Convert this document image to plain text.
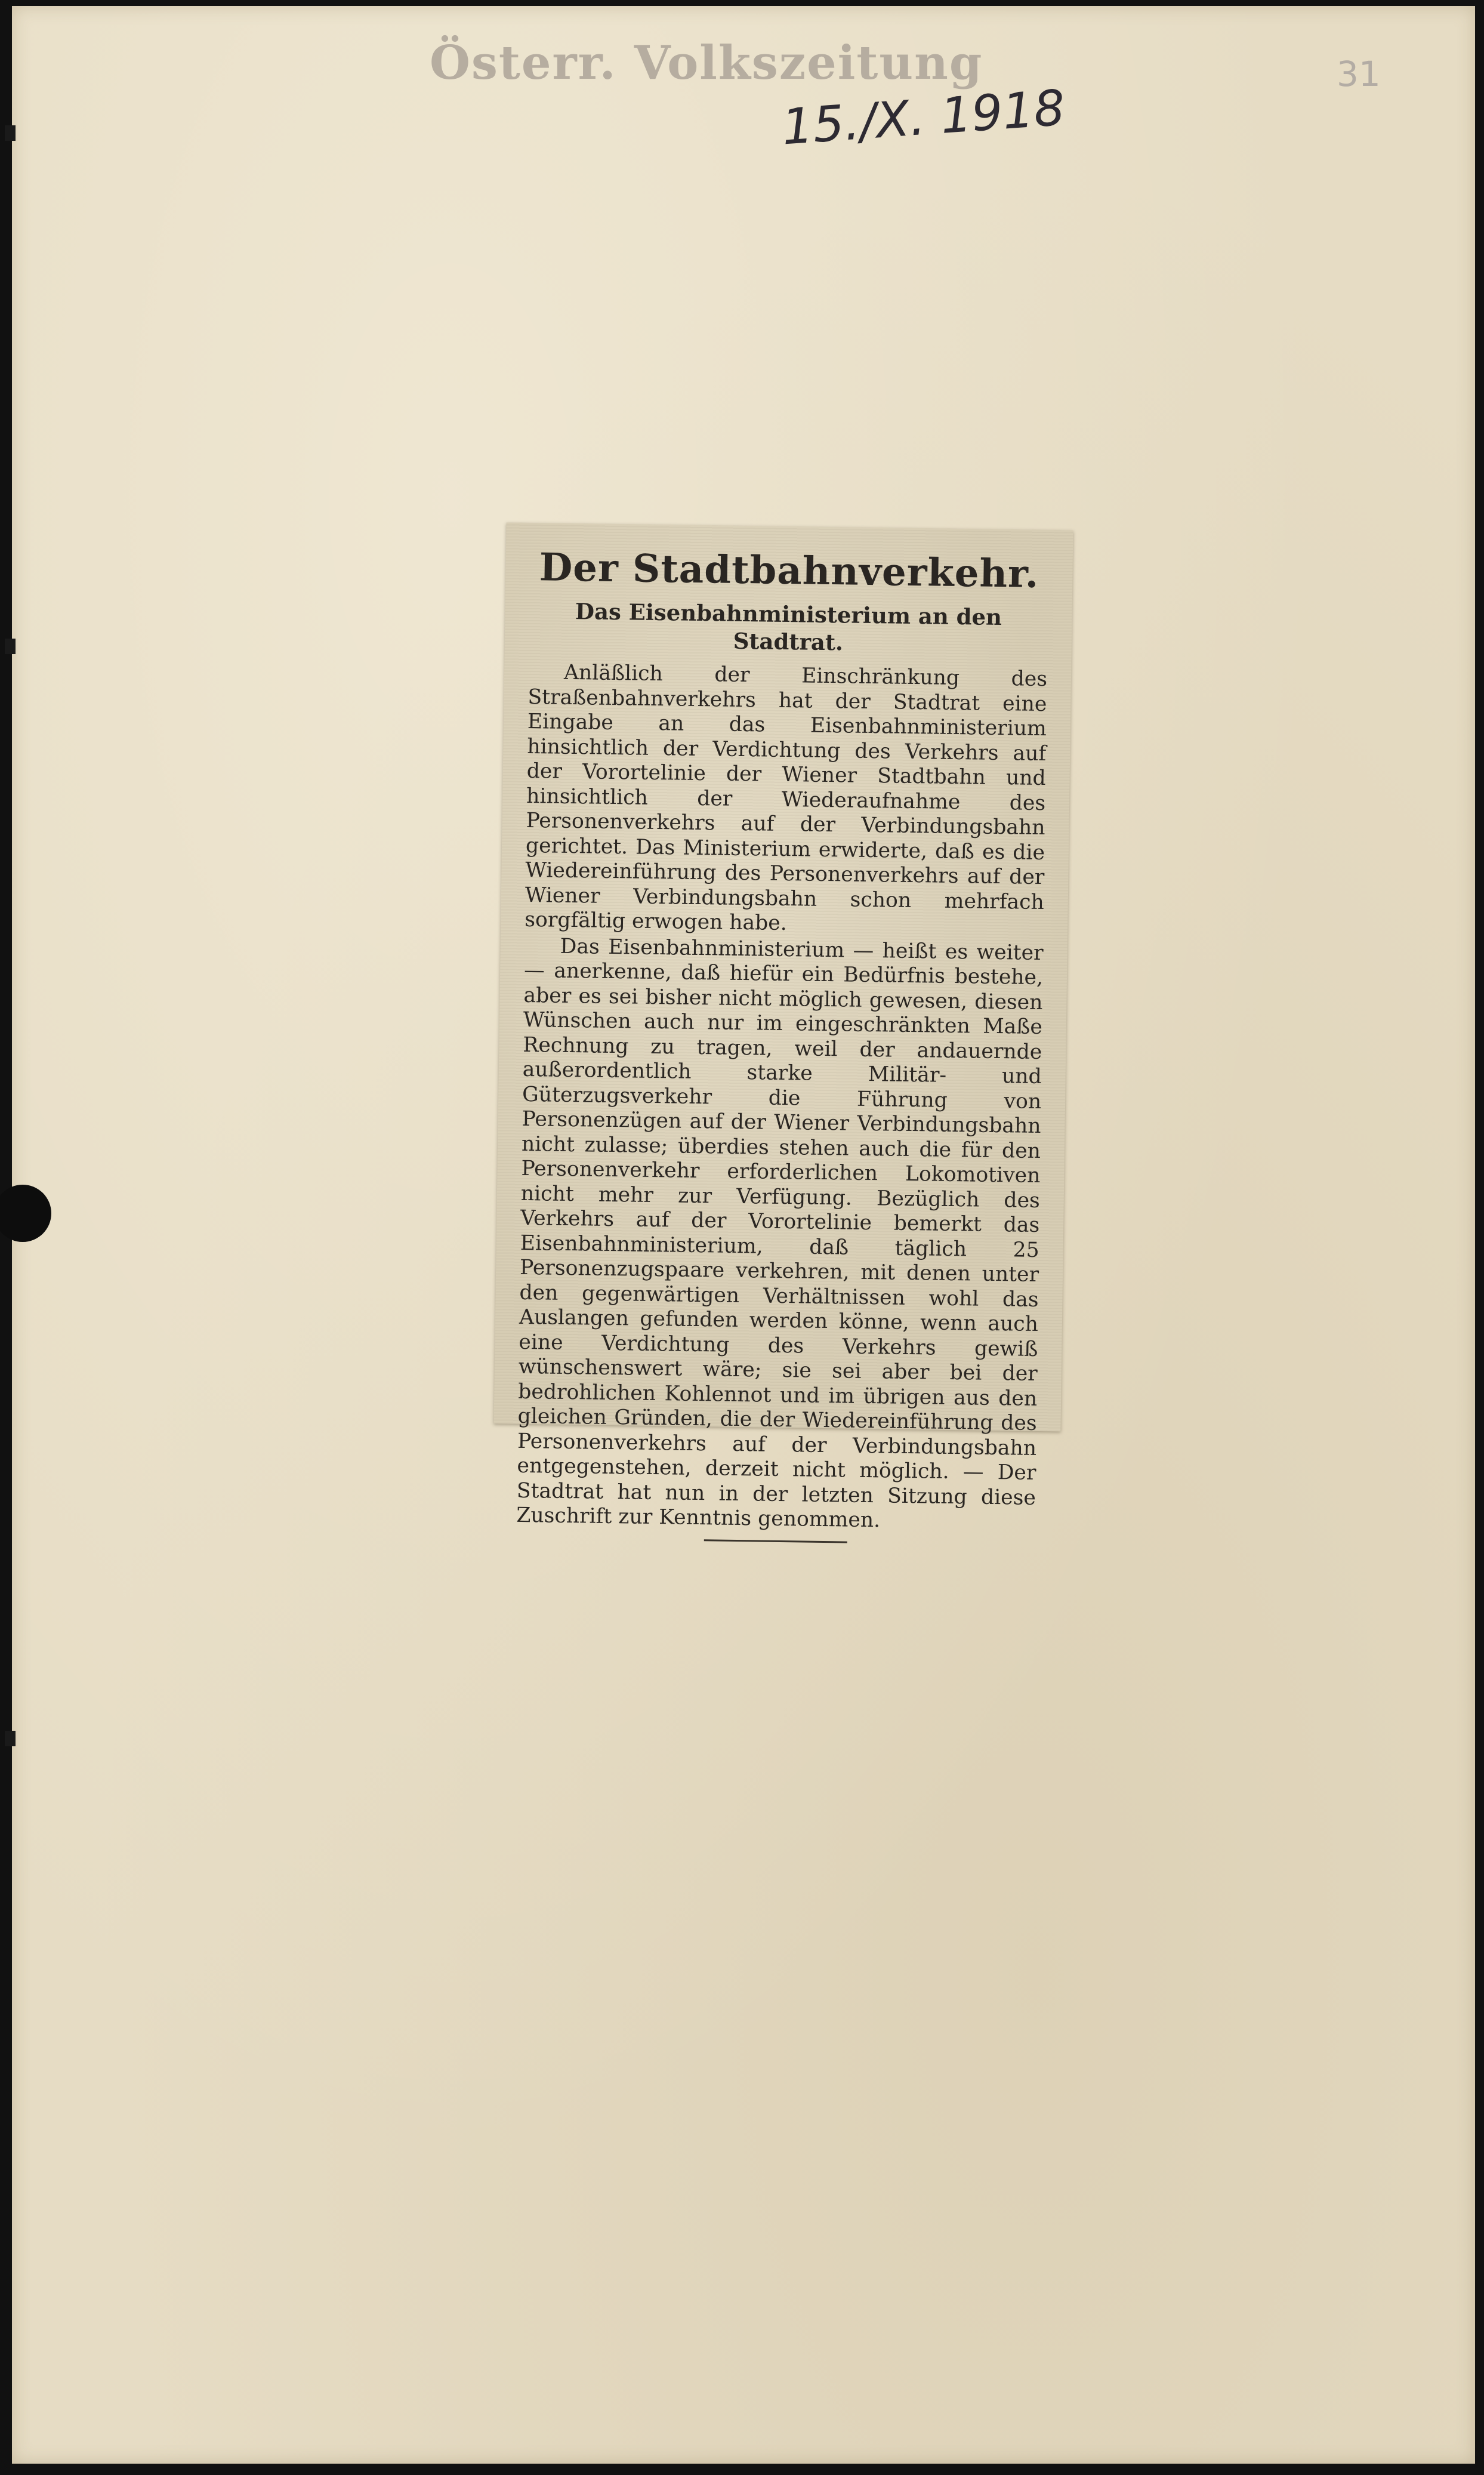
Österr. Volkszeitung
15./X. 1918
31
Der Stadtbahnverkehr.
Das Eisenbahnministerium an den Stadtrat.

Anläßlich der Einschränkung des Straßenbahnverkehrs hat der Stadtrat eine Eingabe an das Eisenbahnministerium hinsichtlich der Verdichtung des Verkehrs auf der Vorortelinie der Wiener Stadtbahn und hinsichtlich der Wiederaufnahme des Personenverkehrs auf der Verbindungsbahn gerichtet. Das Ministerium erwiderte, daß es die Wiedereinführung des Personenverkehrs auf der Wiener Verbindungsbahn schon mehrfach sorgfältig erwogen habe.

Das Eisenbahnministerium — heißt es weiter — anerkenne, daß hiefür ein Bedürfnis bestehe, aber es sei bisher nicht möglich gewesen, diesen Wünschen auch nur im eingeschränkten Maße Rechnung zu tragen, weil der andauernde außerordentlich starke Militär- und Güterzugsverkehr die Führung von Personenzügen auf der Wiener Verbindungsbahn nicht zulasse; überdies stehen auch die für den Personenverkehr erforderlichen Lokomotiven nicht mehr zur Verfügung. Bezüglich des Verkehrs auf der Vorortelinie bemerkt das Eisenbahnministerium, daß täglich 25 Personenzugspaare verkehren, mit denen unter den gegenwärtigen Verhältnissen wohl das Auslangen gefunden werden könne, wenn auch eine Verdichtung des Verkehrs gewiß wünschenswert wäre; sie sei aber bei der bedrohlichen Kohlennot und im übrigen aus den gleichen Gründen, die der Wiedereinführung des Personenverkehrs auf der Verbindungsbahn entgegenstehen, derzeit nicht möglich. — Der Stadtrat hat nun in der letzten Sitzung diese Zuschrift zur Kenntnis genommen.
